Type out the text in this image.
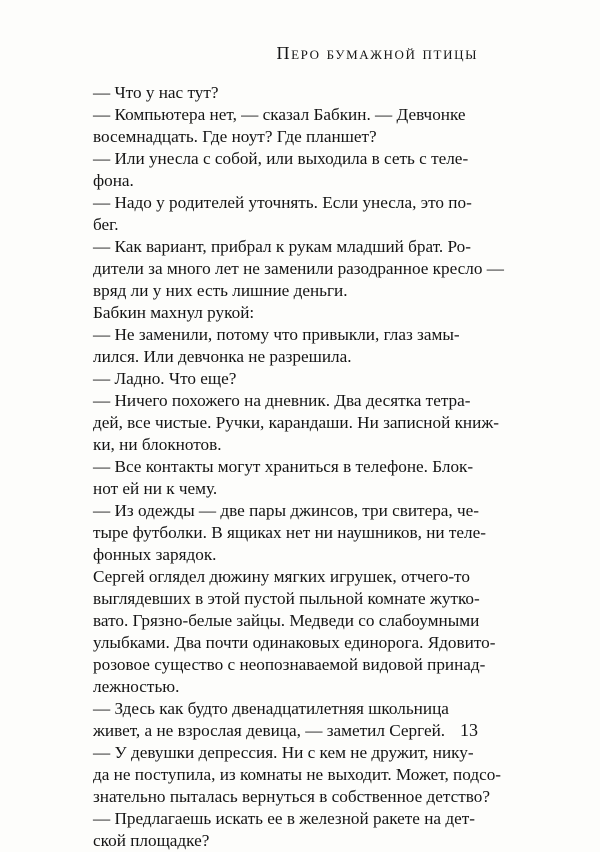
Перо бумажной птицы
— Что у нас тут?
— Компьютера нет, — сказал Бабкин. — Девчонке
восемнадцать. Где ноут? Где планшет?
— Или унесла с собой, или выходила в сеть с теле-
фона.
— Надо у родителей уточнять. Если унесла, это по-
бег.
— Как вариант, прибрал к рукам младший брат. Ро-
дители за много лет не заменили разодранное кресло —
вряд ли у них есть лишние деньги.
Бабкин махнул рукой:
— Не заменили, потому что привыкли, глаз замы-
лился. Или девчонка не разрешила.
— Ладно. Что еще?
— Ничего похожего на дневник. Два десятка тетра-
дей, все чистые. Ручки, карандаши. Ни записной книж-
ки, ни блокнотов.
— Все контакты могут храниться в телефоне. Блок-
нот ей ни к чему.
— Из одежды — две пары джинсов, три свитера, че-
тыре футболки. В ящиках нет ни наушников, ни теле-
фонных зарядок.
Сергей оглядел дюжину мягких игрушек, отчего-то
выглядевших в этой пустой пыльной комнате жутко-
вато. Грязно-белые зайцы. Медведи со слабоумными
улыбками. Два почти одинаковых единорога. Ядовито-
розовое существо с неопознаваемой видовой принад-
лежностью.
— Здесь как будто двенадцатилетняя школьница
живет, а не взрослая девица, — заметил Сергей.
— У девушки депрессия. Ни с кем не дружит, нику-
да не поступила, из комнаты не выходит. Может, подсо-
знательно пыталась вернуться в собственное детство?
— Предлагаешь искать ее в железной ракете на дет-
ской площадке?
13
